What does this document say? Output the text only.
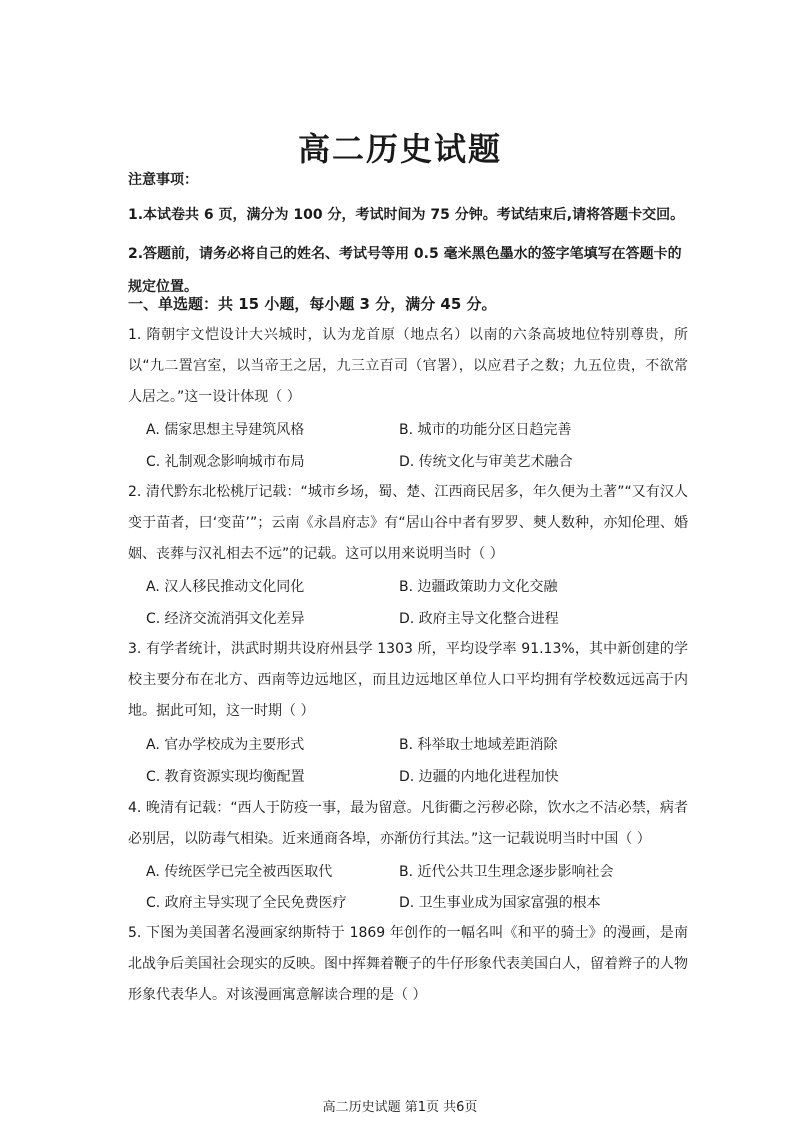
高二历史试题
注意事项：
1.本试卷共 6 页，满分为 100 分，考试时间为 75 分钟。考试结束后,请将答题卡交回。
2.答题前，请务必将自己的姓名、考试号等用 0.5 毫米黑色墨水的签字笔填写在答题卡的规定位置。
一、单选题：共 15 小题，每小题 3 分，满分 45 分。
1. 隋朝宇文恺设计大兴城时，认为龙首原（地点名）以南的六条高坡地位特别尊贵，所以“九二置宫室，以当帝王之居，九三立百司（官署），以应君子之数；九五位贵，不欲常人居之。”这一设计体现（ ）
A. 儒家思想主导建筑风格	B. 城市的功能分区日趋完善
C. 礼制观念影响城市布局	D. 传统文化与审美艺术融合
2. 清代黔东北松桃厅记载：“城市乡场，蜀、楚、江西商民居多，年久便为土著”“又有汉人变于苗者，曰‘变苗’”；云南《永昌府志》有“居山谷中者有罗罗、僰人数种，亦知伦理、婚姻、丧葬与汉礼相去不远”的记载。这可以用来说明当时（ ）
A. 汉人移民推动文化同化	B. 边疆政策助力文化交融
C. 经济交流消弭文化差异	D. 政府主导文化整合进程
3. 有学者统计，洪武时期共设府州县学 1303 所，平均设学率 91.13%，其中新创建的学校主要分布在北方、西南等边远地区，而且边远地区单位人口平均拥有学校数远远高于内地。据此可知，这一时期（ ）
A. 官办学校成为主要形式	B. 科举取士地域差距消除
C. 教育资源实现均衡配置	D. 边疆的内地化进程加快
4. 晚清有记载：“西人于防疫一事，最为留意。凡街衢之污秽必除，饮水之不洁必禁，病者必别居，以防毒气相染。近来通商各埠，亦渐仿行其法。”这一记载说明当时中国（ ）
A. 传统医学已完全被西医取代	B. 近代公共卫生理念逐步影响社会
C. 政府主导实现了全民免费医疗	D. 卫生事业成为国家富强的根本
5. 下图为美国著名漫画家纳斯特于 1869 年创作的一幅名叫《和平的骑士》的漫画，是南北战争后美国社会现实的反映。图中挥舞着鞭子的牛仔形象代表美国白人，留着辫子的人物形象代表华人。对该漫画寓意解读合理的是（ ）
高二历史试题 第1页 共6页
